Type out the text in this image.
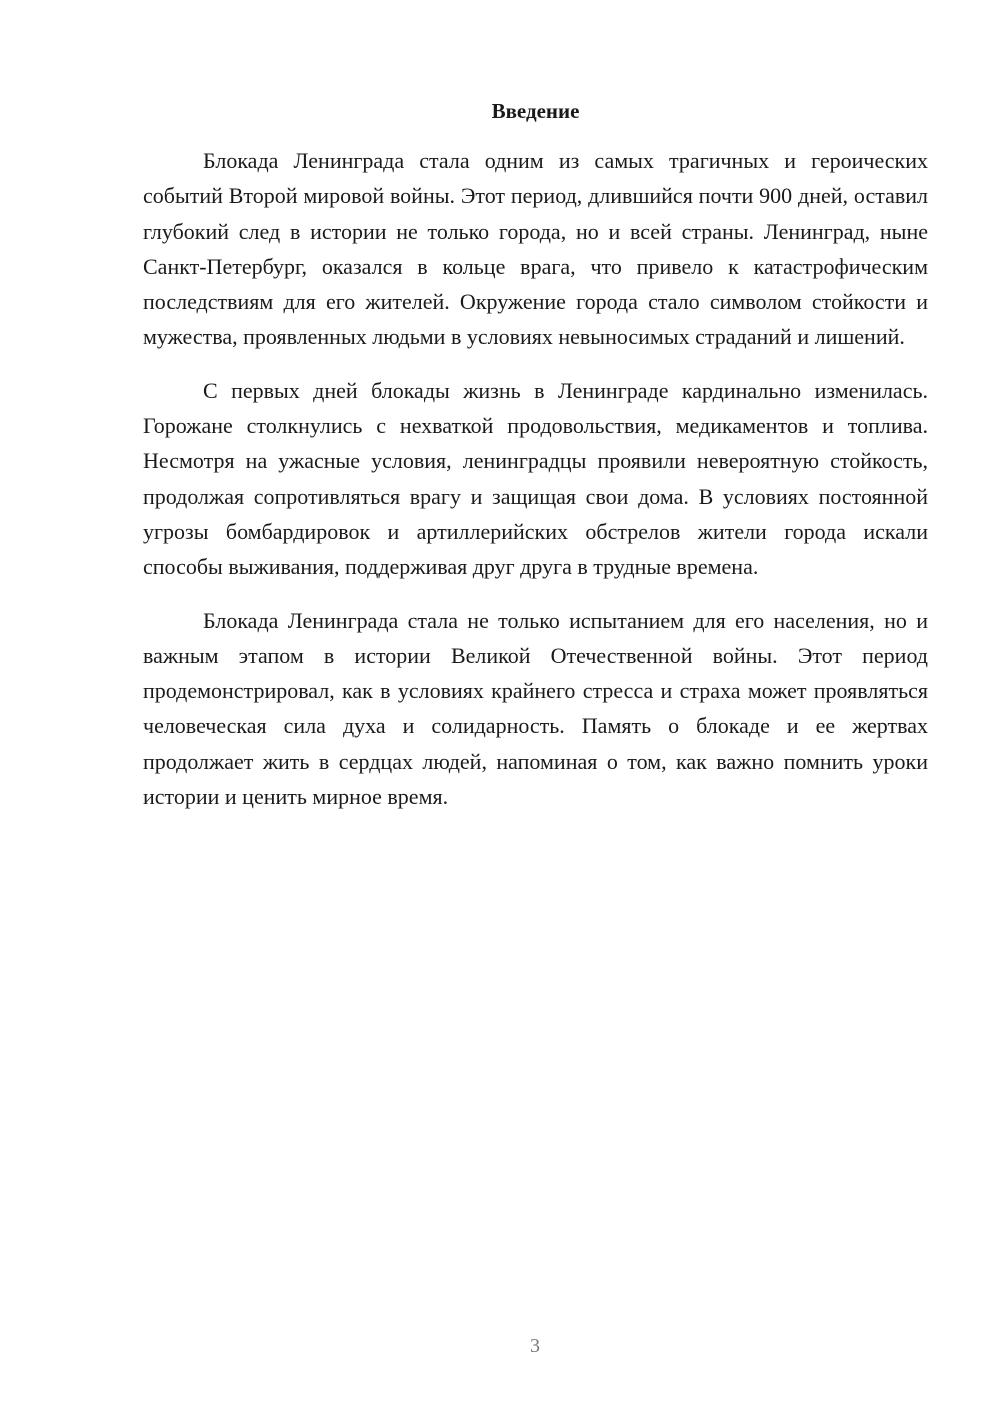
Введение

Блокада Ленинграда стала одним из самых трагичных и героических событий Второй мировой войны. Этот период, длившийся почти 900 дней, оставил глубокий след в истории не только города, но и всей страны. Ленинград, ныне Санкт-Петербург, оказался в кольце врага, что привело к катастрофическим последствиям для его жителей. Окружение города стало символом стойкости и мужества, проявленных людьми в условиях невыносимых страданий и лишений.

С первых дней блокады жизнь в Ленинграде кардинально изменилась. Горожане столкнулись с нехваткой продовольствия, медикаментов и топлива. Несмотря на ужасные условия, ленинградцы проявили невероятную стойкость, продолжая сопротивляться врагу и защищая свои дома. В условиях постоянной угрозы бомбардировок и артиллерийских обстрелов жители города искали способы выживания, поддерживая друг друга в трудные времена.

Блокада Ленинграда стала не только испытанием для его населения, но и важным этапом в истории Великой Отечественной войны. Этот период продемонстрировал, как в условиях крайнего стресса и страха может проявляться человеческая сила духа и солидарность. Память о блокаде и ее жертвах продолжает жить в сердцах людей, напоминая о том, как важно помнить уроки истории и ценить мирное время.

3
